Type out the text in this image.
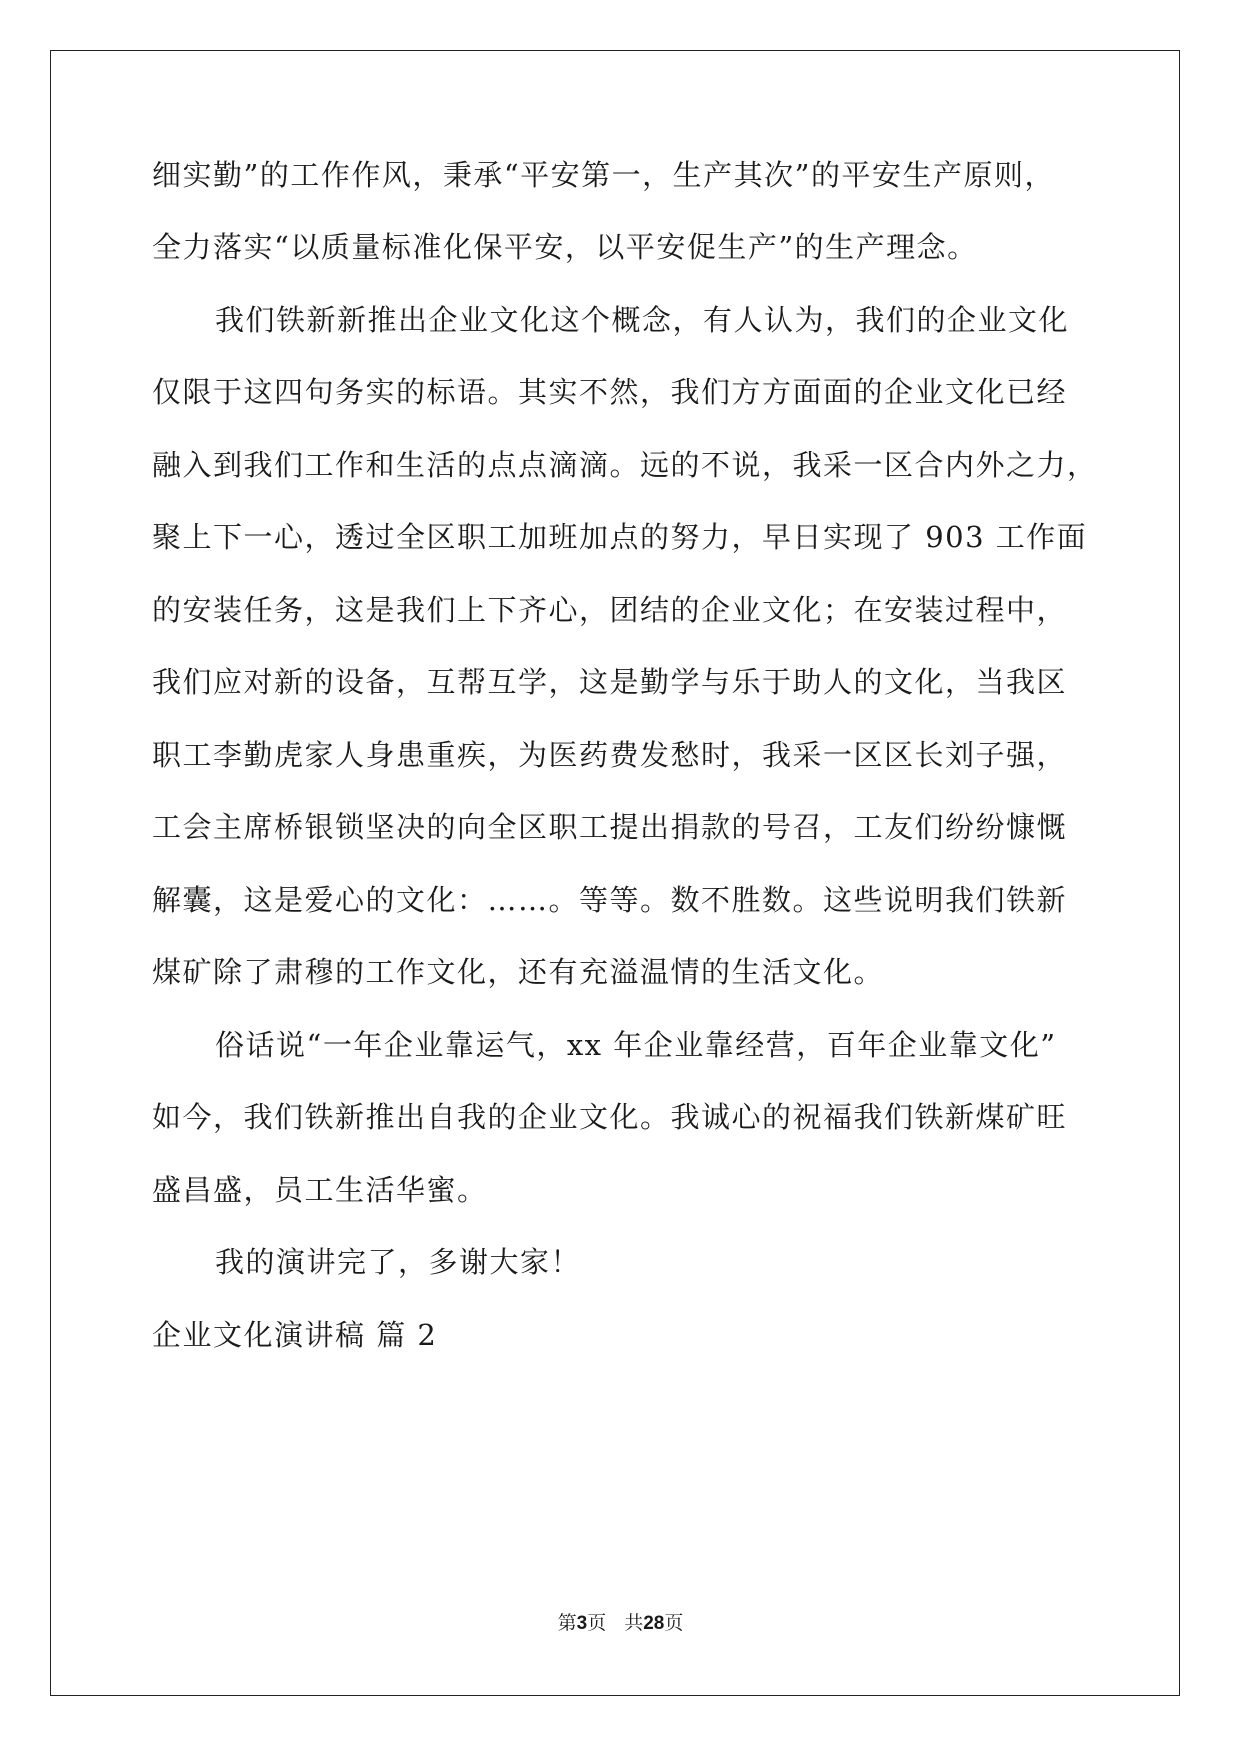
细实勤”的工作作风，秉承“平安第一，生产其次”的平安生产原则，
全力落实“以质量标准化保平安，以平安促生产”的生产理念。
我们铁新新推出企业文化这个概念，有人认为，我们的企业文化
仅限于这四句务实的标语。其实不然，我们方方面面的企业文化已经
融入到我们工作和生活的点点滴滴。远的不说，我采一区合内外之力，
聚上下一心，透过全区职工加班加点的努力，早日实现了 903 工作面
的安装任务，这是我们上下齐心，团结的企业文化；在安装过程中，
我们应对新的设备，互帮互学，这是勤学与乐于助人的文化，当我区
职工李勤虎家人身患重疾，为医药费发愁时，我采一区区长刘子强，
工会主席桥银锁坚决的向全区职工提出捐款的号召，工友们纷纷慷慨
解囊，这是爱心的文化：……。等等。数不胜数。这些说明我们铁新
煤矿除了肃穆的工作文化，还有充溢温情的生活文化。
俗话说“一年企业靠运气，xx 年企业靠经营，百年企业靠文化”
如今，我们铁新推出自我的企业文化。我诚心的祝福我们铁新煤矿旺
盛昌盛，员工生活华蜜。
我的演讲完了，多谢大家！
企业文化演讲稿 篇 2
第3页 共28页
